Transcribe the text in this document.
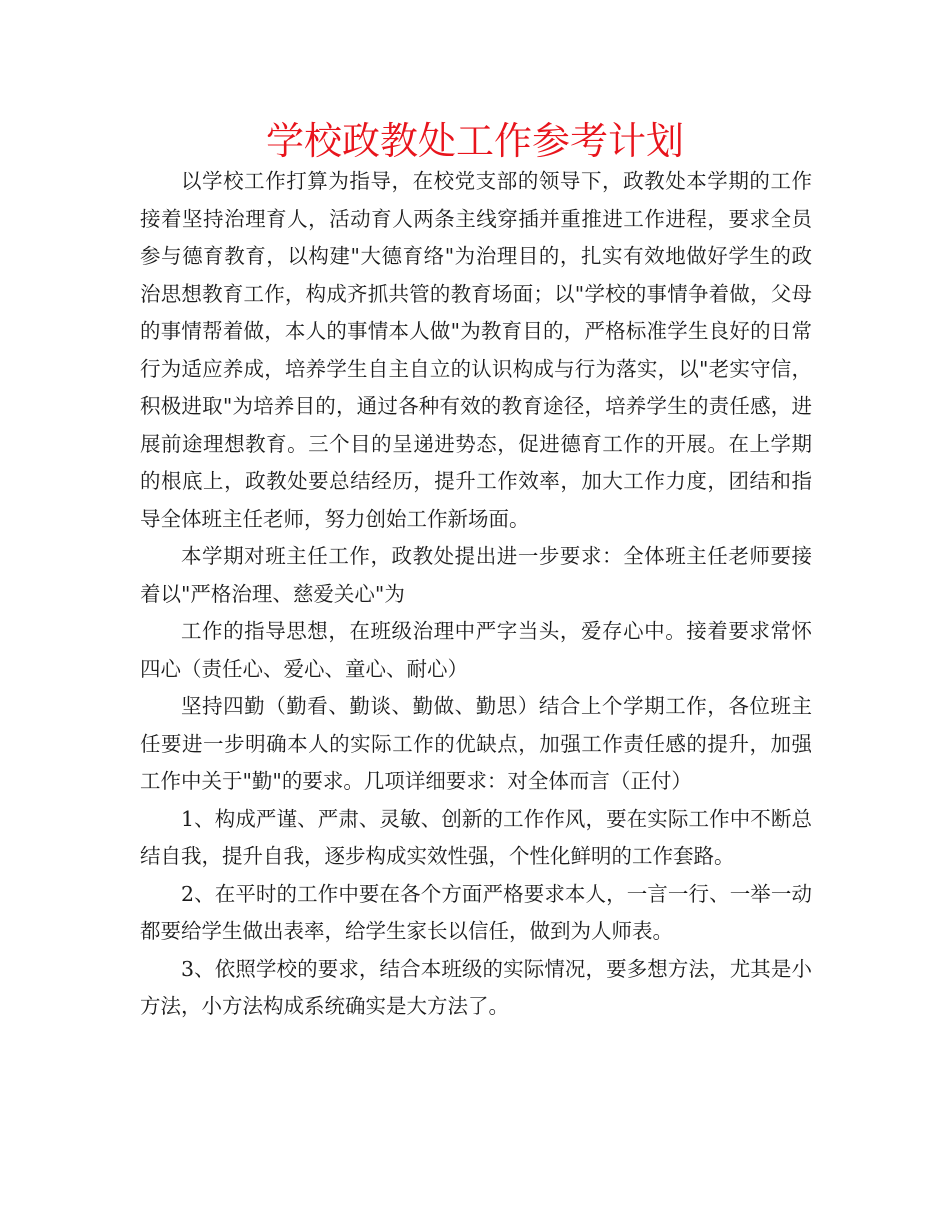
学校政教处工作参考计划

以学校工作打算为指导，在校党支部的领导下，政教处本学期的工作接着坚持治理育人，活动育人两条主线穿插并重推进工作进程，要求全员参与德育教育，以构建"大德育络"为治理目的，扎实有效地做好学生的政治思想教育工作，构成齐抓共管的教育场面；以"学校的事情争着做，父母的事情帮着做，本人的事情本人做"为教育目的，严格标准学生良好的日常行为适应养成，培养学生自主自立的认识构成与行为落实，以"老实守信，积极进取"为培养目的，通过各种有效的教育途径，培养学生的责任感，进展前途理想教育。三个目的呈递进势态，促进德育工作的开展。在上学期的根底上，政教处要总结经历，提升工作效率，加大工作力度，团结和指导全体班主任老师，努力创始工作新场面。

本学期对班主任工作，政教处提出进一步要求：全体班主任老师要接着以"严格治理、慈爱关心"为

工作的指导思想，在班级治理中严字当头，爱存心中。接着要求常怀四心（责任心、爱心、童心、耐心）

坚持四勤（勤看、勤谈、勤做、勤思）结合上个学期工作，各位班主任要进一步明确本人的实际工作的优缺点，加强工作责任感的提升，加强工作中关于"勤"的要求。几项详细要求：对全体而言（正付）

1、构成严谨、严肃、灵敏、创新的工作作风，要在实际工作中不断总结自我，提升自我，逐步构成实效性强，个性化鲜明的工作套路。

2、在平时的工作中要在各个方面严格要求本人，一言一行、一举一动都要给学生做出表率，给学生家长以信任，做到为人师表。

3、依照学校的要求，结合本班级的实际情况，要多想方法，尤其是小方法，小方法构成系统确实是大方法了。
